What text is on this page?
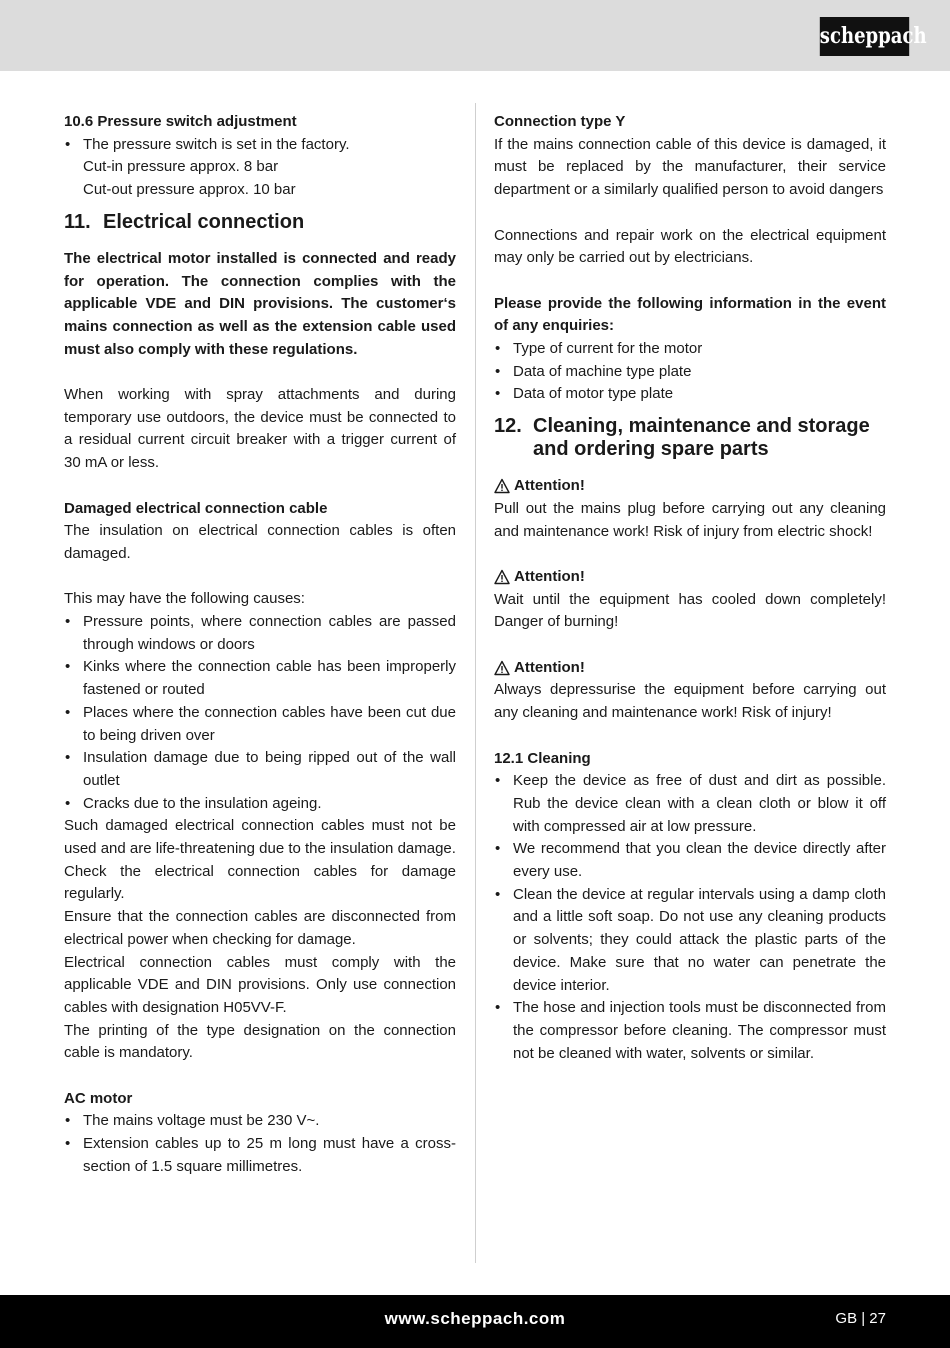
scheppach
10.6 Pressure switch adjustment
• The pressure switch is set in the factory.
Cut-in pressure approx. 8 bar
Cut-out pressure approx. 10 bar
11. Electrical connection
The electrical motor installed is connected and ready for operation. The connection complies with the applicable VDE and DIN provisions. The customer‘s mains connection as well as the extension cable used must also comply with these regulations.
When working with spray attachments and during temporary use outdoors, the device must be connected to a residual current circuit breaker with a trigger current of 30 mA or less.
Damaged electrical connection cable
The insulation on electrical connection cables is often damaged.
This may have the following causes:
• Pressure points, where connection cables are passed through windows or doors
• Kinks where the connection cable has been improperly fastened or routed
• Places where the connection cables have been cut due to being driven over
• Insulation damage due to being ripped out of the wall outlet
• Cracks due to the insulation ageing.
Such damaged electrical connection cables must not be used and are life-threatening due to the insulation damage.
Check the electrical connection cables for damage regularly.
Ensure that the connection cables are disconnected from electrical power when checking for damage.
Electrical connection cables must comply with the applicable VDE and DIN provisions. Only use connection cables with designation H05VV-F.
The printing of the type designation on the connection cable is mandatory.
AC motor
• The mains voltage must be 230 V~.
• Extension cables up to 25 m long must have a cross-section of 1.5 square millimetres.
Connection type Y
If the mains connection cable of this device is damaged, it must be replaced by the manufacturer, their service department or a similarly qualified person to avoid dangers
Connections and repair work on the electrical equipment may only be carried out by electricians.
Please provide the following information in the event of any enquiries:
• Type of current for the motor
• Data of machine type plate
• Data of motor type plate
12. Cleaning, maintenance and storage
and ordering spare parts
Attention!
Pull out the mains plug before carrying out any cleaning and maintenance work! Risk of injury from electric shock!
Attention!
Wait until the equipment has cooled down completely! Danger of burning!
Attention!
Always depressurise the equipment before carrying out any cleaning and maintenance work! Risk of injury!
12.1 Cleaning
• Keep the device as free of dust and dirt as possible. Rub the device clean with a clean cloth or blow it off with compressed air at low pressure.
• We recommend that you clean the device directly after every use.
• Clean the device at regular intervals using a damp cloth and a little soft soap. Do not use any cleaning products or solvents; they could attack the plastic parts of the device. Make sure that no water can penetrate the device interior.
• The hose and injection tools must be disconnected from the compressor before cleaning. The compressor must not be cleaned with water, solvents or similar.
www.scheppach.com	GB | 27
